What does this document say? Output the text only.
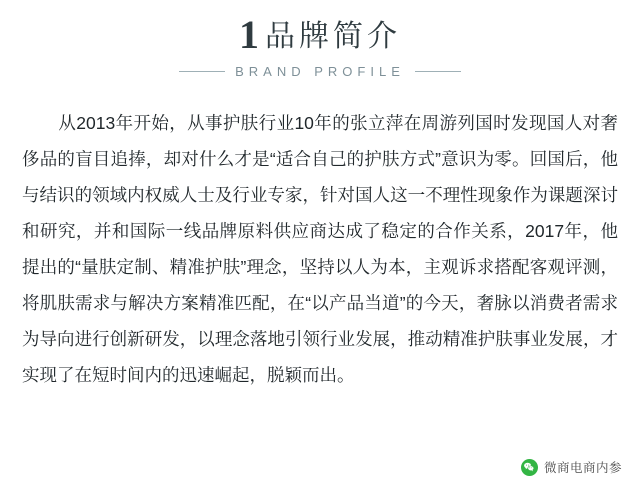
1 品牌简介
BRAND PROFILE
从2013年开始，从事护肤行业10年的张立萍在周游列国时发现国人对奢侈品的盲目追捧，却对什么才是“适合自己的护肤方式”意识为零。回国后，他与结识的领域内权威人士及行业专家，针对国人这一不理性现象作为课题深讨和研究，并和国际一线品牌原料供应商达成了稳定的合作关系，2017年，他提出的“量肤定制、精准护肤”理念，坚持以人为本，主观诉求搭配客观评测，将肌肤需求与解决方案精准匹配，在“以产品当道”的今天，奢脉以消费者需求为导向进行创新研发，以理念落地引领行业发展，推动精准护肤事业发展，才实现了在短时间内的迅速崛起，脱颖而出。
微商电商内参
